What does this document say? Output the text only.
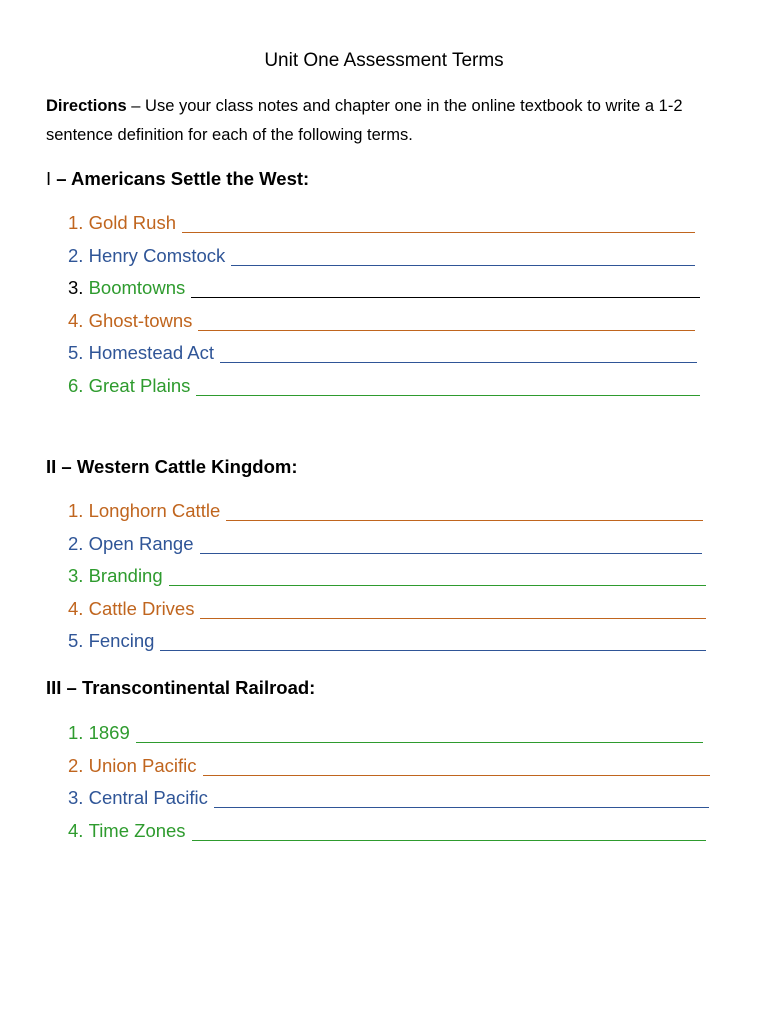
Unit One Assessment Terms
Directions – Use your class notes and chapter one in the online textbook to write a 1-2 sentence definition for each of the following terms.
I – Americans Settle the West:
1. Gold Rush
2. Henry Comstock
3. Boomtowns
4. Ghost-towns
5. Homestead Act
6. Great Plains
II – Western Cattle Kingdom:
1. Longhorn Cattle
2. Open Range
3. Branding
4. Cattle Drives
5. Fencing
III – Transcontinental Railroad:
1. 1869
2. Union Pacific
3. Central Pacific
4. Time Zones
